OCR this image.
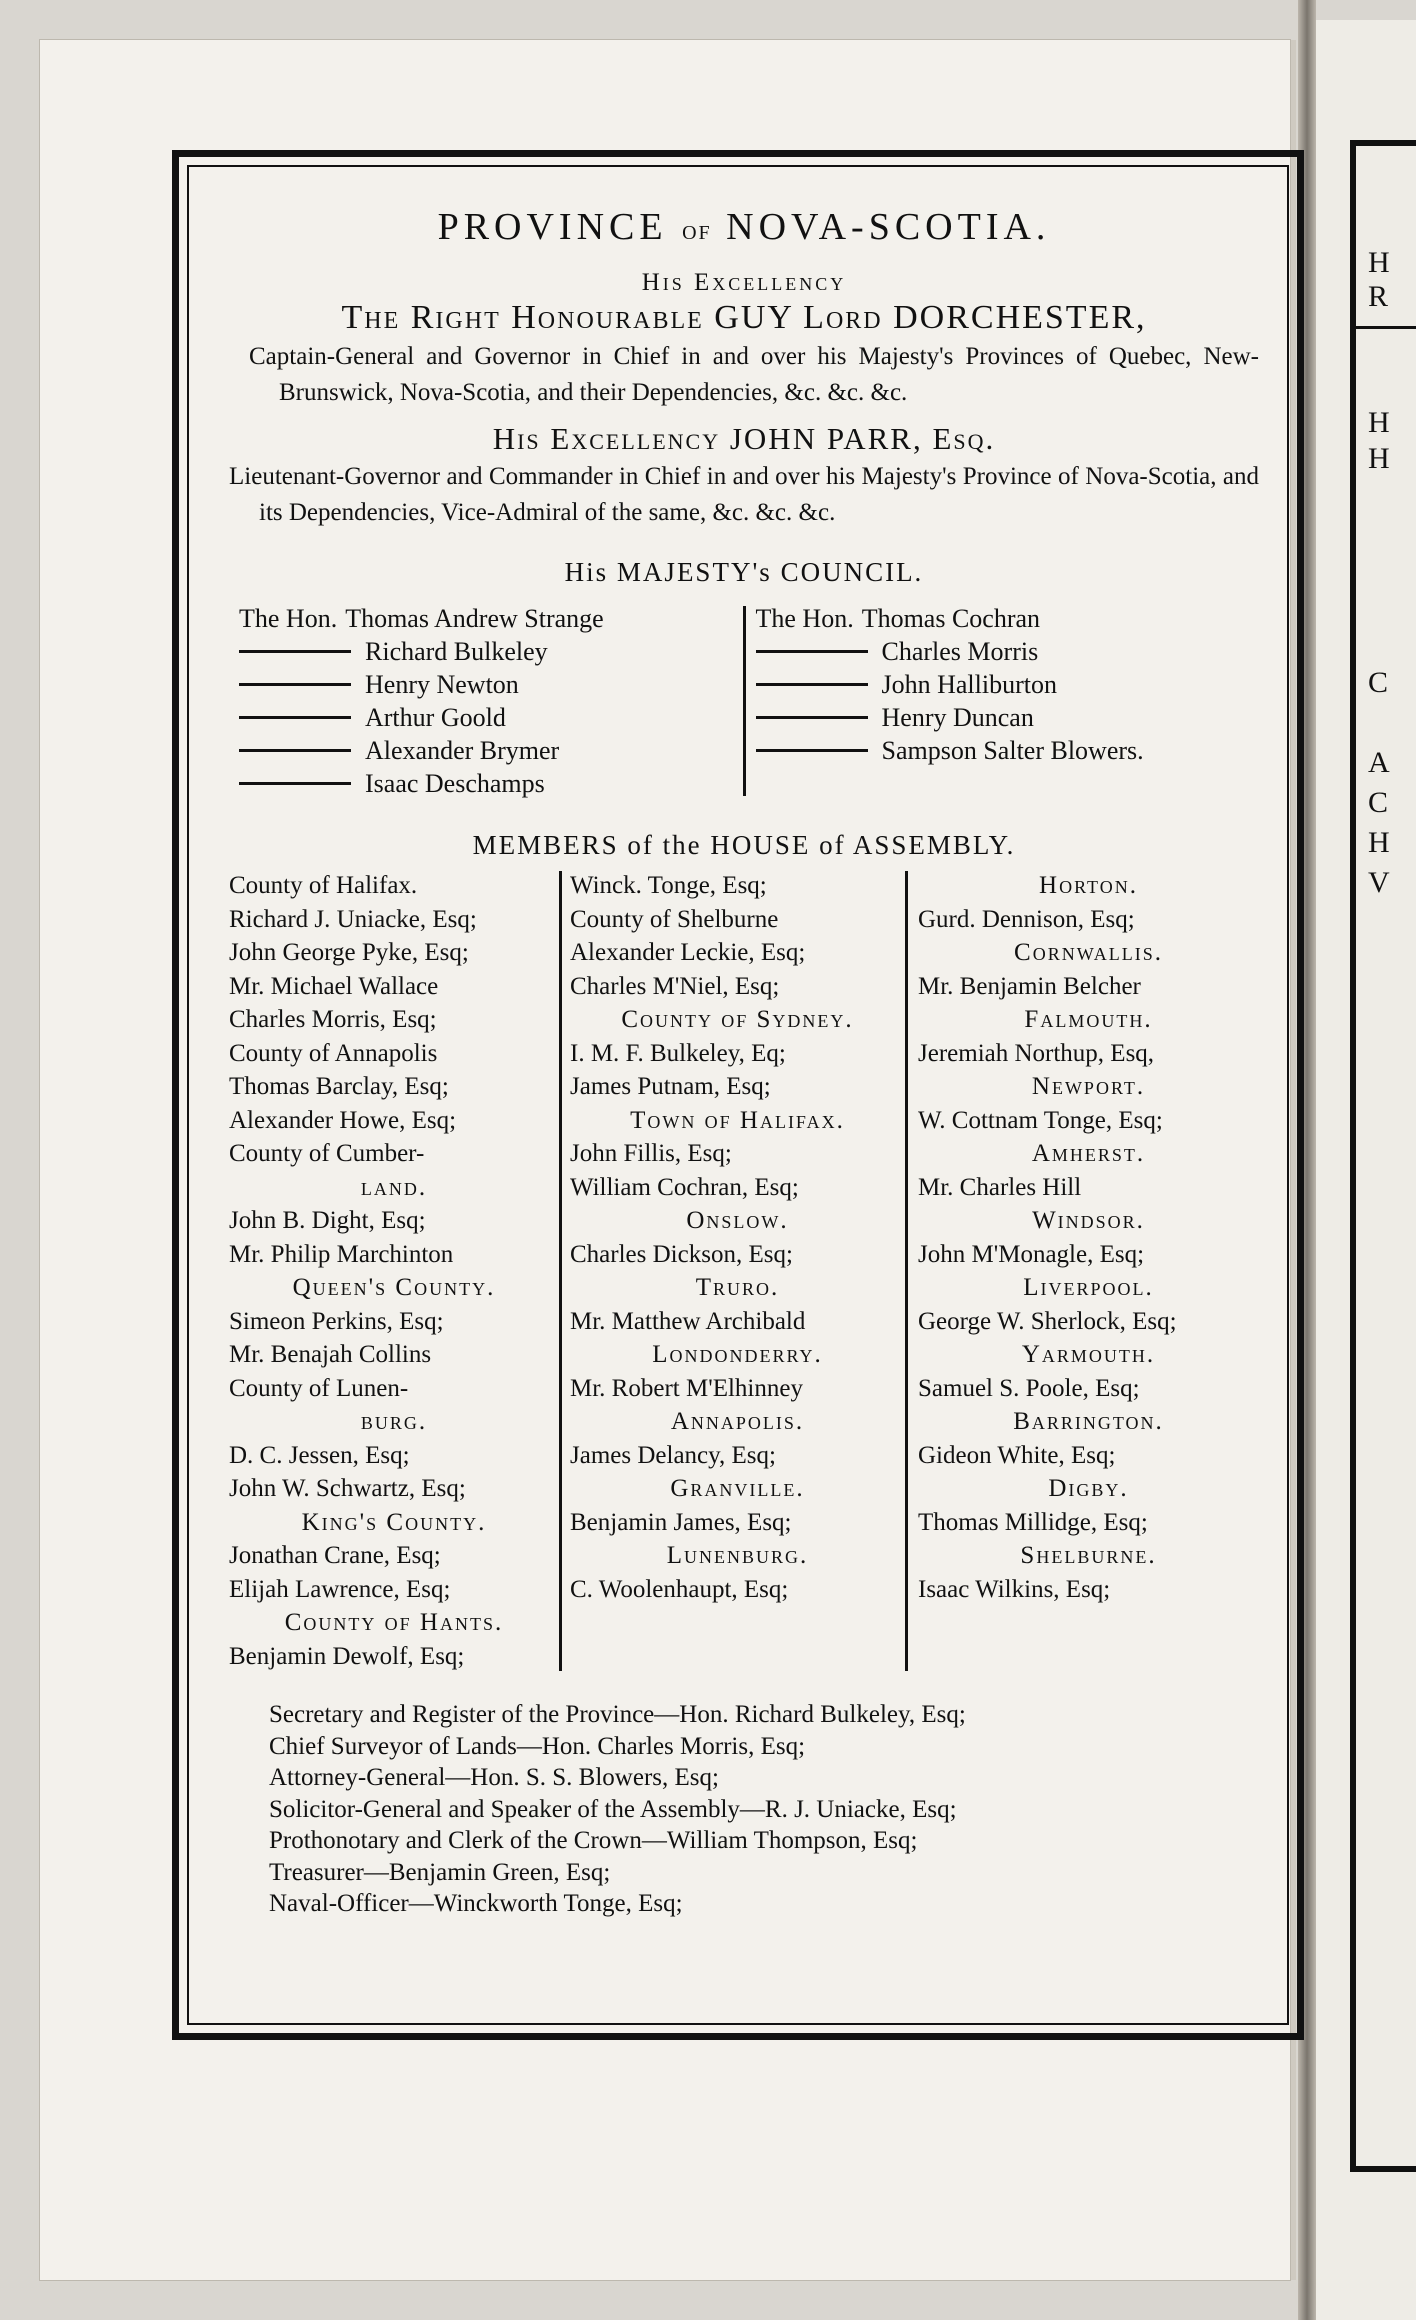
H
R
H
H
C
A
C
H
V
PROVINCE of NOVA-SCOTIA.
His Excellency
The Right Honourable GUY Lord DORCHESTER,

Captain-General and Governor in Chief in and over his Majesty's Provinces of Quebec, New-Brunswick, Nova-Scotia, and their Dependencies, &c. &c. &c.

His Excellency JOHN PARR, Esq.

Lieutenant-Governor and Commander in Chief in and over his Majesty's Province of Nova-Scotia, and its Dependencies, Vice-Admiral of the same, &c. &c. &c.

His MAJESTY's COUNCIL.
The Hon. Thomas Andrew Strange
Richard Bulkeley
Henry Newton
Arthur Goold
Alexander Brymer
Isaac Deschamps
The Hon. Thomas Cochran
Charles Morris
John Halliburton
Henry Duncan
Sampson Salter Blowers.
MEMBERS of the HOUSE of ASSEMBLY.
County of Halifax.
Richard J. Uniacke, Esq;
John George Pyke, Esq;
Mr. Michael Wallace
Charles Morris, Esq;
County of Annapolis
Thomas Barclay, Esq;
Alexander Howe, Esq;
County of Cumber-
land.
John B. Dight, Esq;
Mr. Philip Marchinton
Queen's County.
Simeon Perkins, Esq;
Mr. Benajah Collins
County of Lunen-
burg.
D. C. Jessen, Esq;
John W. Schwartz, Esq;
King's County.
Jonathan Crane, Esq;
Elijah Lawrence, Esq;
County of Hants.
Benjamin Dewolf, Esq;
Winck. Tonge, Esq;
County of Shelburne
Alexander Leckie, Esq;
Charles M'Niel, Esq;
County of Sydney.
I. M. F. Bulkeley, Eq;
James Putnam, Esq;
Town of Halifax.
John Fillis, Esq;
William Cochran, Esq;
Onslow.
Charles Dickson, Esq;
Truro.
Mr. Matthew Archibald
Londonderry.
Mr. Robert M'Elhinney
Annapolis.
James Delancy, Esq;
Granville.
Benjamin James, Esq;
Lunenburg.
C. Woolenhaupt, Esq;
Horton.
Gurd. Dennison, Esq;
Cornwallis.
Mr. Benjamin Belcher
Falmouth.
Jeremiah Northup, Esq,
Newport.
W. Cottnam Tonge, Esq;
Amherst.
Mr. Charles Hill
Windsor.
John M'Monagle, Esq;
Liverpool.
George W. Sherlock, Esq;
Yarmouth.
Samuel S. Poole, Esq;
Barrington.
Gideon White, Esq;
Digby.
Thomas Millidge, Esq;
Shelburne.
Isaac Wilkins, Esq;
Secretary and Register of the Province—Hon. Richard Bulkeley, Esq;
Chief Surveyor of Lands—Hon. Charles Morris, Esq;
Attorney-General—Hon. S. S. Blowers, Esq;
Solicitor-General and Speaker of the Assembly—R. J. Uniacke, Esq;
Prothonotary and Clerk of the Crown—William Thompson, Esq;
Treasurer—Benjamin Green, Esq;
Naval-Officer—Winckworth Tonge, Esq;
